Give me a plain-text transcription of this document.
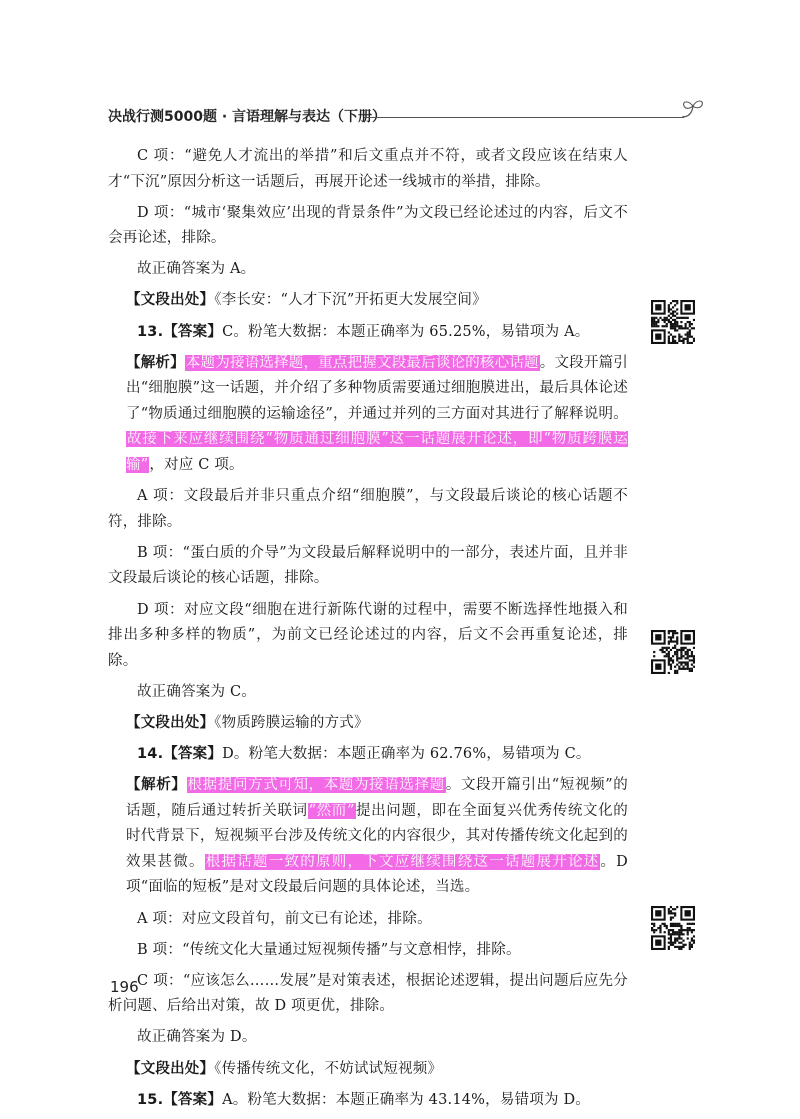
决战行测5000题 · 言语理解与表达（下册）

C 项：“避免人才流出的举措”和后文重点并不符，或者文段应该在结束人才“下沉”原因分析这一话题后，再展开论述一线城市的举措，排除。

D 项：“城市‘聚集效应’出现的背景条件”为文段已经论述过的内容，后文不会再论述，排除。

故正确答案为 A。

【文段出处】《李长安：“人才下沉”开拓更大发展空间》

13.【答案】C。粉笔大数据：本题正确率为 65.25%，易错项为 A。

【解析】本题为接语选择题，重点把握文段最后谈论的核心话题。文段开篇引出“细胞膜”这一话题，并介绍了多种物质需要通过细胞膜进出，最后具体论述了“物质通过细胞膜的运输途径”，并通过并列的三方面对其进行了解释说明。故接下来应继续围绕“物质通过细胞膜”这一话题展开论述，即“物质跨膜运输”，对应 C 项。

A 项：文段最后并非只重点介绍“细胞膜”，与文段最后谈论的核心话题不符，排除。

B 项：“蛋白质的介导”为文段最后解释说明中的一部分，表述片面，且并非文段最后谈论的核心话题，排除。

D 项：对应文段“细胞在进行新陈代谢的过程中，需要不断选择性地摄入和排出多种多样的物质”，为前文已经论述过的内容，后文不会再重复论述，排除。

故正确答案为 C。

【文段出处】《物质跨膜运输的方式》

14.【答案】D。粉笔大数据：本题正确率为 62.76%，易错项为 C。

【解析】根据提问方式可知，本题为接语选择题。文段开篇引出“短视频”的话题，随后通过转折关联词“然而”提出问题，即在全面复兴优秀传统文化的时代背景下，短视频平台涉及传统文化的内容很少，其对传播传统文化起到的效果甚微。根据话题一致的原则，下文应继续围绕这一话题展开论述。D 项“面临的短板”是对文段最后问题的具体论述，当选。

A 项：对应文段首句，前文已有论述，排除。

B 项：“传统文化大量通过短视频传播”与文意相悖，排除。

C 项：“应该怎么……发展”是对策表述，根据论述逻辑，提出问题后应先分析问题、后给出对策，故 D 项更优，排除。

故正确答案为 D。

【文段出处】《传播传统文化，不妨试试短视频》

15.【答案】A。粉笔大数据：本题正确率为 43.14%，易错项为 D。

196
